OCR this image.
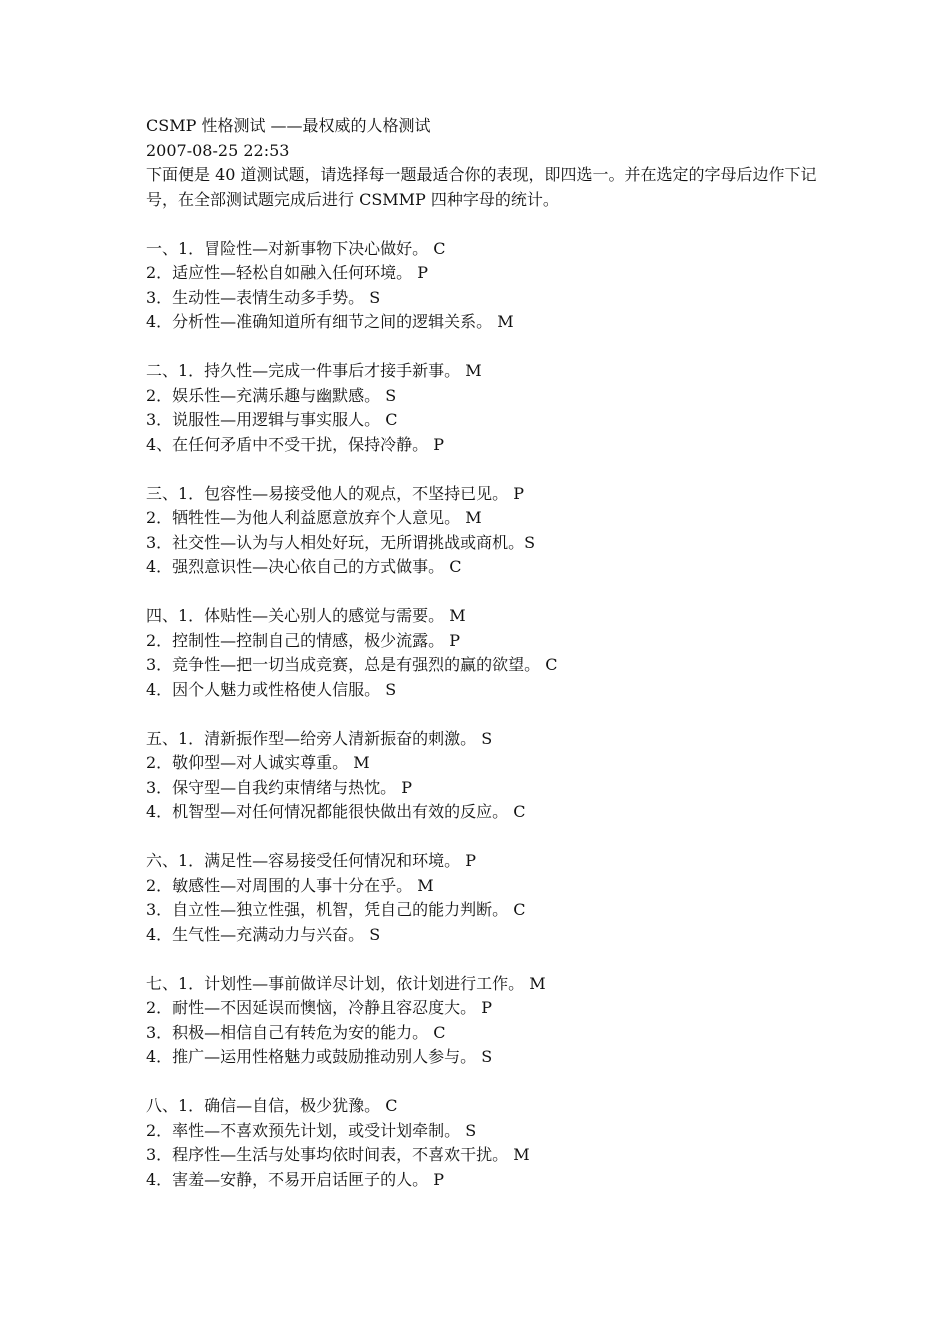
CSMP 性格测试 ——最权威的人格测试

2007-08-25 22:53

下面便是 40 道测试题，请选择每一题最适合你的表现，即四选一。并在选定的字母后边作下记号，在全部测试题完成后进行 CSMMP 四种字母的统计。

一、1．冒险性—对新事物下决心做好。 C

2．适应性—轻松自如融入任何环境。 P

3．生动性—表情生动多手势。 S

4．分析性—准确知道所有细节之间的逻辑关系。 M

二、1．持久性—完成一件事后才接手新事。 M

2．娱乐性—充满乐趣与幽默感。 S

3．说服性—用逻辑与事实服人。 C

4、在任何矛盾中不受干扰，保持冷静。 P

三、1．包容性—易接受他人的观点，不坚持已见。 P

2．牺牲性—为他人利益愿意放弃个人意见。 M

3．社交性—认为与人相处好玩，无所谓挑战或商机。S

4．强烈意识性—决心依自己的方式做事。 C

四、1．体贴性—关心别人的感觉与需要。 M

2．控制性—控制自己的情感，极少流露。 P

3．竞争性—把一切当成竞赛，总是有强烈的赢的欲望。 C

4．因个人魅力或性格使人信服。 S

五、1．清新振作型—给旁人清新振奋的刺激。 S

2．敬仰型—对人诚实尊重。 M

3．保守型—自我约束情绪与热忱。 P

4．机智型—对任何情况都能很快做出有效的反应。 C

六、1．满足性—容易接受任何情况和环境。 P

2．敏感性—对周围的人事十分在乎。 M

3．自立性—独立性强，机智，凭自己的能力判断。 C

4．生气性—充满动力与兴奋。 S

七、1．计划性—事前做详尽计划，依计划进行工作。 M

2．耐性—不因延误而懊恼，冷静且容忍度大。 P

3．积极—相信自己有转危为安的能力。 C

4．推广—运用性格魅力或鼓励推动别人参与。 S

八、1．确信—自信，极少犹豫。 C

2．率性—不喜欢预先计划，或受计划牵制。 S

3．程序性—生活与处事均依时间表，不喜欢干扰。 M

4．害羞—安静，不易开启话匣子的人。 P
